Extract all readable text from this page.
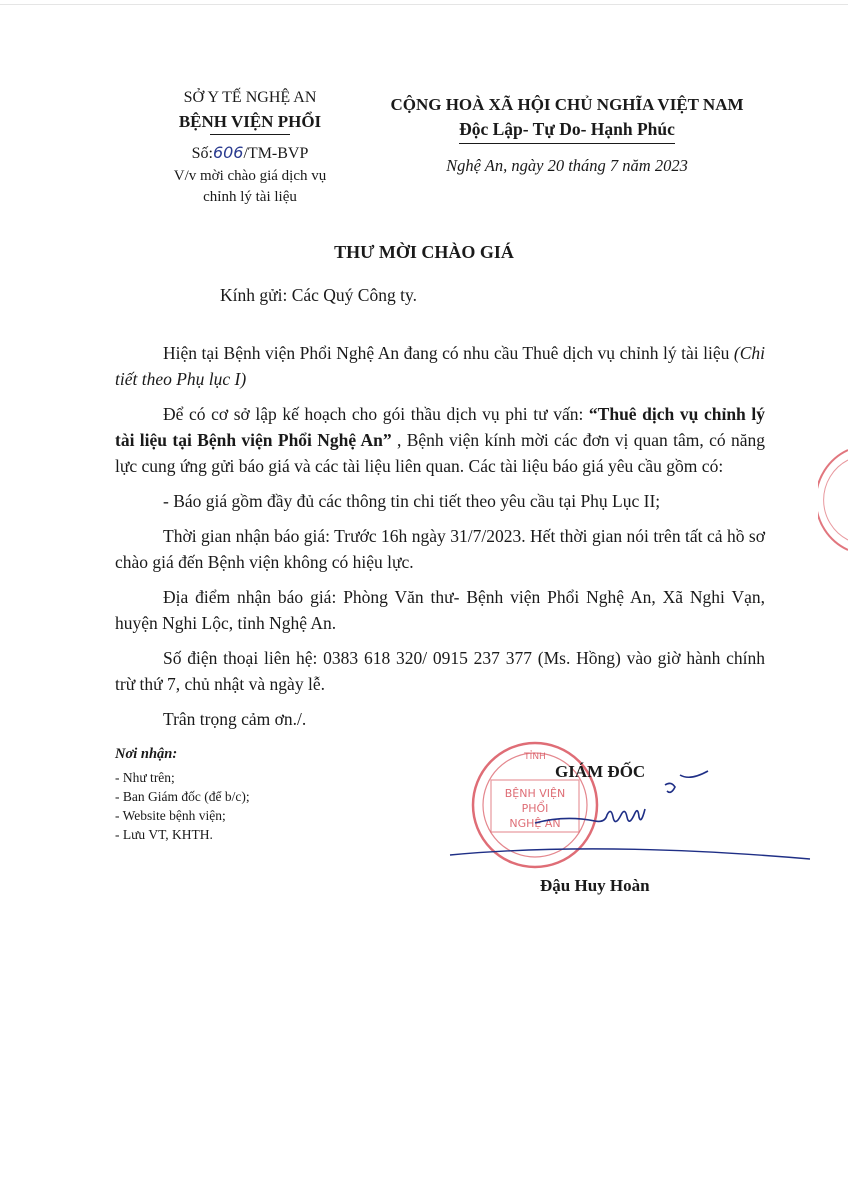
SỞ Y TẾ NGHỆ AN
BỆNH VIỆN PHỔI
Số:606/TM-BVP
V/v mời chào giá dịch vụ
chỉnh lý tài liệu
CỘNG HOÀ XÃ HỘI CHỦ NGHĨA VIỆT NAM
Độc Lập- Tự Do- Hạnh Phúc
Nghệ An, ngày 20 tháng 7 năm 2023
THƯ MỜI CHÀO GIÁ
Kính gửi: Các Quý Công ty.

Hiện tại Bệnh viện Phổi Nghệ An đang có nhu cầu Thuê dịch vụ chỉnh lý tài liệu (Chi tiết theo Phụ lục I)

Để có cơ sở lập kế hoạch cho gói thầu dịch vụ phi tư vấn: “Thuê dịch vụ chỉnh lý tài liệu tại Bệnh viện Phổi Nghệ An” , Bệnh viện kính mời các đơn vị quan tâm, có năng lực cung ứng gửi báo giá và các tài liệu liên quan. Các tài liệu báo giá yêu cầu gồm có:

- Báo giá gồm đầy đủ các thông tin chi tiết theo yêu cầu tại Phụ Lục II;

Thời gian nhận báo giá: Trước 16h ngày 31/7/2023. Hết thời gian nói trên tất cả hồ sơ chào giá đến Bệnh viện không có hiệu lực.

Địa điểm nhận báo giá: Phòng Văn thư- Bệnh viện Phổi Nghệ An, Xã Nghi Vạn, huyện Nghi Lộc, tỉnh Nghệ An.

Số điện thoại liên hệ: 0383 618 320/ 0915 237 377 (Ms. Hồng) vào giờ hành chính trừ thứ 7, chủ nhật và ngày lễ.

Trân trọng cảm ơn./.

Nơi nhận:
- Như trên;
- Ban Giám đốc (để b/c);
- Website bệnh viện;
- Lưu VT, KHTH.
TỈNH
BỆNH VIỆN
PHỔI
NGHỆ AN
GIÁM ĐỐC
Đậu Huy Hoàn
